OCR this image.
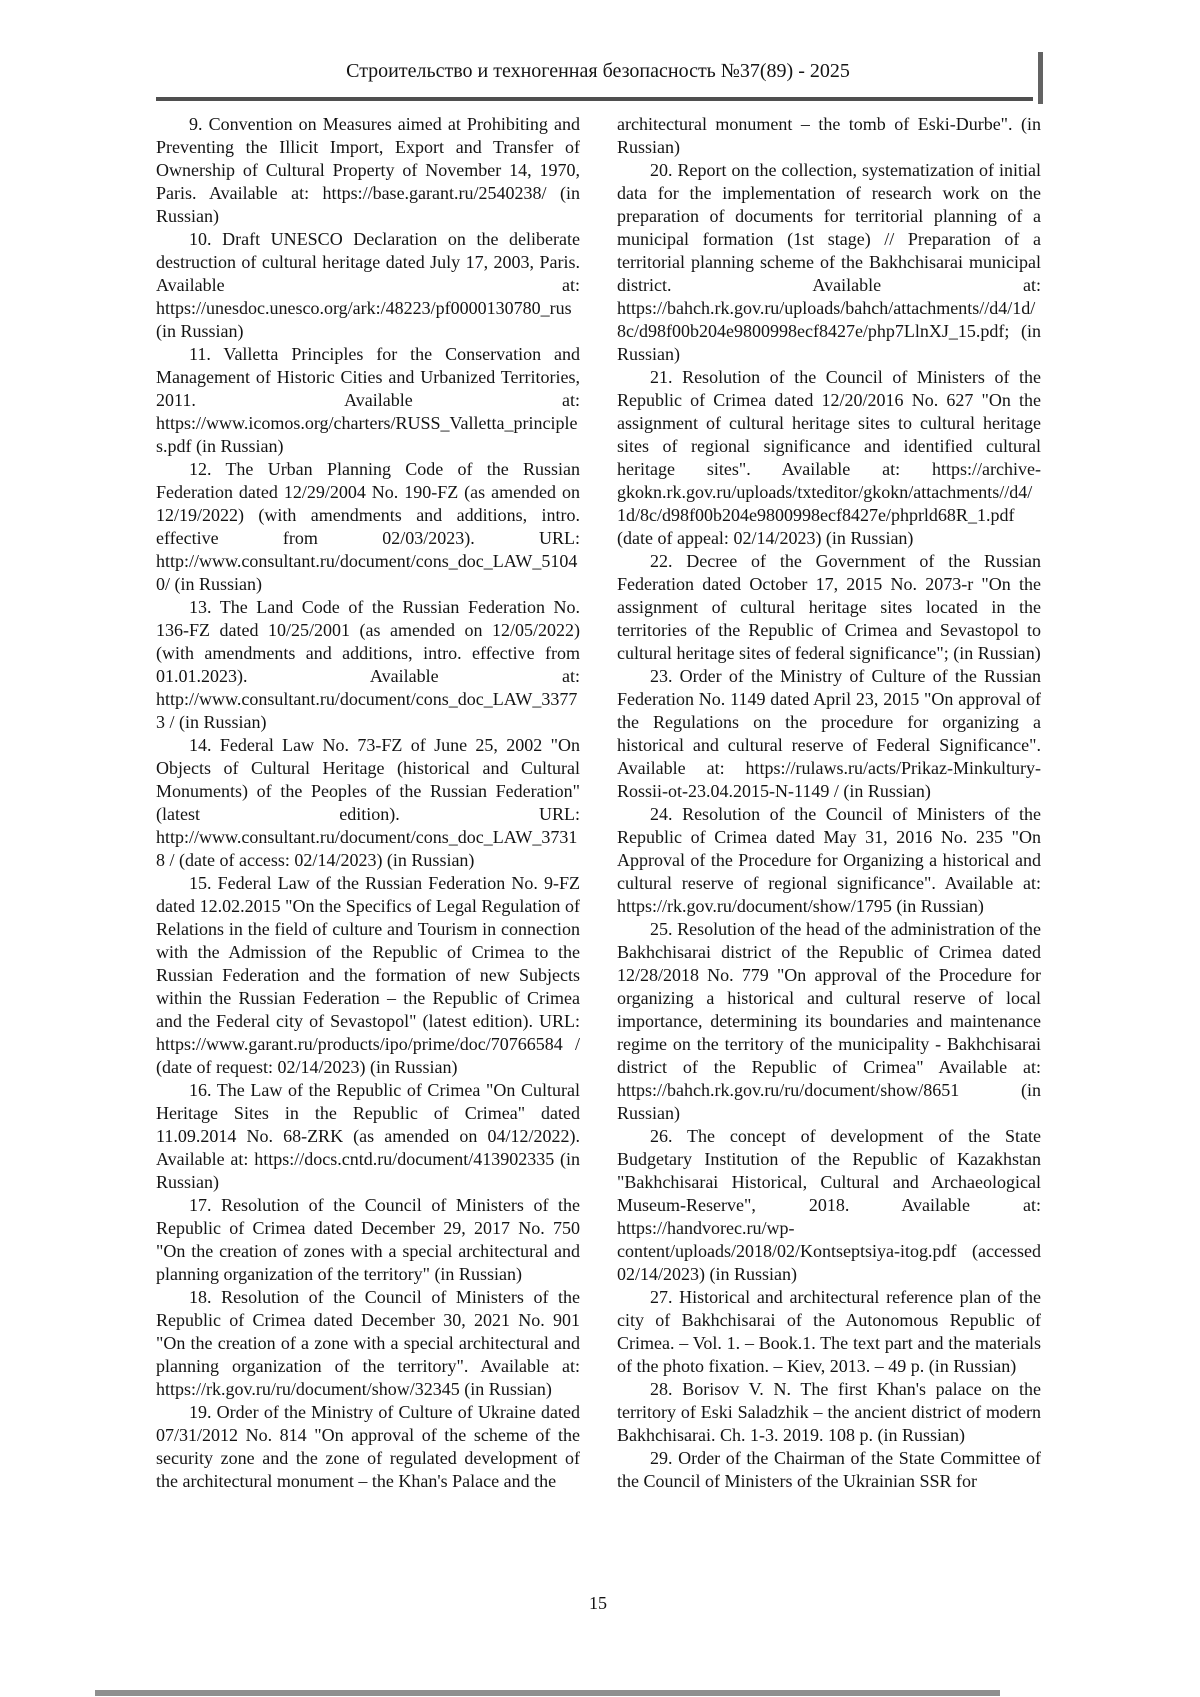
Строительство и техногенная безопасность №37(89) - 2025

9. Convention on Measures aimed at Prohibiting and Preventing the Illicit Import, Export and Transfer of Ownership of Cultural Property of November 14, 1970, Paris. Available at: https://base.garant.ru/2540238/ (in Russian)

10. Draft UNESCO Declaration on the deliberate destruction of cultural heritage dated July 17, 2003, Paris. Available at: https://unesdoc.unesco.org/ark:/48223/pf0000130780_rus (in Russian)

11. Valletta Principles for the Conservation and Management of Historic Cities and Urbanized Territories, 2011. Available at: https://www.icomos.org/charters/RUSS_Valletta_principles.pdf (in Russian)

12. The Urban Planning Code of the Russian Federation dated 12/29/2004 No. 190-FZ (as amended on 12/19/2022) (with amendments and additions, intro. effective from 02/03/2023). URL: http://www.consultant.ru/document/cons_doc_LAW_51040/ (in Russian)

13. The Land Code of the Russian Federation No. 136-FZ dated 10/25/2001 (as amended on 12/05/2022) (with amendments and additions, intro. effective from 01.01.2023). Available at: http://www.consultant.ru/document/cons_doc_LAW_33773 / (in Russian)

14. Federal Law No. 73-FZ of June 25, 2002 "On Objects of Cultural Heritage (historical and Cultural Monuments) of the Peoples of the Russian Federation" (latest edition). URL: http://www.consultant.ru/document/cons_doc_LAW_37318 / (date of access: 02/14/2023) (in Russian)

15. Federal Law of the Russian Federation No. 9-FZ dated 12.02.2015 "On the Specifics of Legal Regulation of Relations in the field of culture and Tourism in connection with the Admission of the Republic of Crimea to the Russian Federation and the formation of new Subjects within the Russian Federation – the Republic of Crimea and the Federal city of Sevastopol" (latest edition). URL: https://www.garant.ru/products/ipo/prime/doc/70766584 / (date of request: 02/14/2023) (in Russian)

16. The Law of the Republic of Crimea "On Cultural Heritage Sites in the Republic of Crimea" dated 11.09.2014 No. 68-ZRK (as amended on 04/12/2022). Available at: https://docs.cntd.ru/document/413902335 (in Russian)

17. Resolution of the Council of Ministers of the Republic of Crimea dated December 29, 2017 No. 750 "On the creation of zones with a special architectural and planning organization of the territory" (in Russian)

18. Resolution of the Council of Ministers of the Republic of Crimea dated December 30, 2021 No. 901 "On the creation of a zone with a special architectural and planning organization of the territory". Available at: https://rk.gov.ru/ru/document/show/32345 (in Russian)

19. Order of the Ministry of Culture of Ukraine dated 07/31/2012 No. 814 "On approval of the scheme of the security zone and the zone of regulated development of the architectural monument – the Khan's Palace and the

architectural monument – the tomb of Eski-Durbe". (in Russian)

20. Report on the collection, systematization of initial data for the implementation of research work on the preparation of documents for territorial planning of a municipal formation (1st stage) // Preparation of a territorial planning scheme of the Bakhchisarai municipal district. Available at: https://bahch.rk.gov.ru/uploads/bahch/attachments//d4/1d/8c/d98f00b204e9800998ecf8427e/php7LlnXJ_15.pdf; (in Russian)

21. Resolution of the Council of Ministers of the Republic of Crimea dated 12/20/2016 No. 627 "On the assignment of cultural heritage sites to cultural heritage sites of regional significance and identified cultural heritage sites". Available at: https://archive-gkokn.rk.gov.ru/uploads/txteditor/gkokn/attachments//d4/1d/8c/d98f00b204e9800998ecf8427e/phprld68R_1.pdf (date of appeal: 02/14/2023) (in Russian)

22. Decree of the Government of the Russian Federation dated October 17, 2015 No. 2073-r "On the assignment of cultural heritage sites located in the territories of the Republic of Crimea and Sevastopol to cultural heritage sites of federal significance"; (in Russian)

23. Order of the Ministry of Culture of the Russian Federation No. 1149 dated April 23, 2015 "On approval of the Regulations on the procedure for organizing a historical and cultural reserve of Federal Significance". Available at: https://rulaws.ru/acts/Prikaz-Minkultury-Rossii-ot-23.04.2015-N-1149 / (in Russian)

24. Resolution of the Council of Ministers of the Republic of Crimea dated May 31, 2016 No. 235 "On Approval of the Procedure for Organizing a historical and cultural reserve of regional significance". Available at: https://rk.gov.ru/document/show/1795 (in Russian)

25. Resolution of the head of the administration of the Bakhchisarai district of the Republic of Crimea dated 12/28/2018 No. 779 "On approval of the Procedure for organizing a historical and cultural reserve of local importance, determining its boundaries and maintenance regime on the territory of the municipality - Bakhchisarai district of the Republic of Crimea" Available at: https://bahch.rk.gov.ru/ru/document/show/8651 (in Russian)

26. The concept of development of the State Budgetary Institution of the Republic of Kazakhstan "Bakhchisarai Historical, Cultural and Archaeological Museum-Reserve", 2018. Available at: https://handvorec.ru/wp-content/uploads/2018/02/Kontseptsiya-itog.pdf (accessed 02/14/2023) (in Russian)

27. Historical and architectural reference plan of the city of Bakhchisarai of the Autonomous Republic of Crimea. – Vol. 1. – Book.1. The text part and the materials of the photo fixation. – Kiev, 2013. – 49 p. (in Russian)

28. Borisov V. N. The first Khan's palace on the territory of Eski Saladzhik – the ancient district of modern Bakhchisarai. Ch. 1-3. 2019. 108 p. (in Russian)

29. Order of the Chairman of the State Committee of the Council of Ministers of the Ukrainian SSR for

15
